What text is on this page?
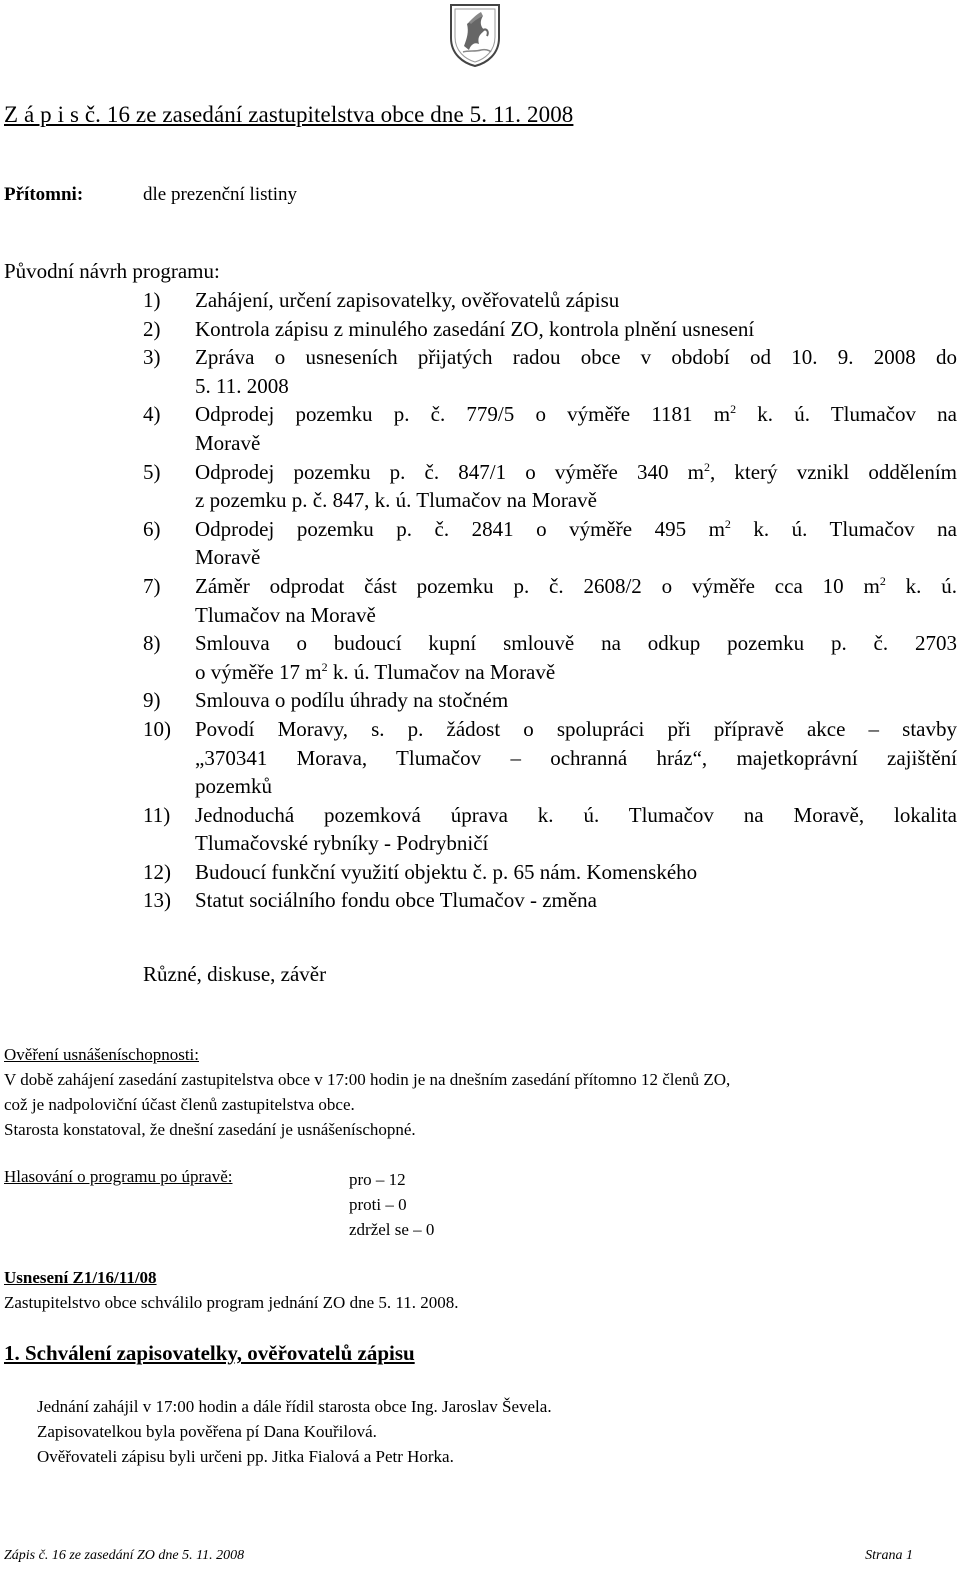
Z á p i s č. 16 ze zasedání zastupitelstva obce dne 5. 11. 2008
Přítomni:	dle prezenční listiny
Původní návrh programu:
1)	Zahájení, určení zapisovatelky, ověřovatelů zápisu
2)	Kontrola zápisu z minulého zasedání ZO, kontrola plnění usnesení
3)	Zpráva o usneseních přijatých radou obce v období od 10. 9. 2008 do
5. 11. 2008
4)	Odprodej pozemku p. č. 779/5 o výměře 1181 $m^2$ k. ú. Tlumačov na
Moravě
5)	Odprodej pozemku p. č. 847/1 o výměře 340 $m^2$, který vznikl oddělením
z pozemku p. č. 847, k. ú. Tlumačov na Moravě
6)	Odprodej pozemku p. č. 2841 o výměře 495 $m^2$ k. ú. Tlumačov na
Moravě
7)	Záměr odprodat část pozemku p. č. 2608/2 o výměře cca 10 $m^2$ k. ú.
Tlumačov na Moravě
8)	Smlouva o budoucí kupní smlouvě na odkup pozemku p. č. 2703
o výměře 17 $m^2$ k. ú. Tlumačov na Moravě
9)	Smlouva o podílu úhrady na stočném
10)	Povodí Moravy, s. p. žádost o spolupráci při přípravě akce – stavby
„370341 Morava, Tlumačov – ochranná hráz“, majetkoprávní zajištění
pozemků
11)	Jednoduchá pozemková úprava k. ú. Tlumačov na Moravě, lokalita
Tlumačovské rybníky - Podrybničí
12)	Budoucí funkční využití objektu č. p. 65 nám. Komenského
13)	Statut sociálního fondu obce Tlumačov - změna
Různé, diskuse, závěr
Ověření usnášeníschopnosti:
V době zahájení zasedání zastupitelstva obce v 17:00 hodin je na dnešním zasedání přítomno 12 členů ZO,
což je nadpoloviční účast členů zastupitelstva obce.
Starosta konstatoval, že dnešní zasedání je usnášeníschopné.
Hlasování o programu po úpravě:	pro – 12
proti – 0
zdržel se – 0
Usnesení Z1/16/11/08
Zastupitelstvo obce schválilo program jednání ZO dne 5. 11. 2008.
1. Schválení zapisovatelky, ověřovatelů zápisu
Jednání zahájil v 17:00 hodin a dále řídil starosta obce Ing. Jaroslav Ševela.
Zapisovatelkou byla pověřena pí Dana Kouřilová.
Ověřovateli zápisu byli určeni pp. Jitka Fialová a Petr Horka.
Zápis č. 16 ze zasedání ZO dne 5. 11. 2008	Strana 1
